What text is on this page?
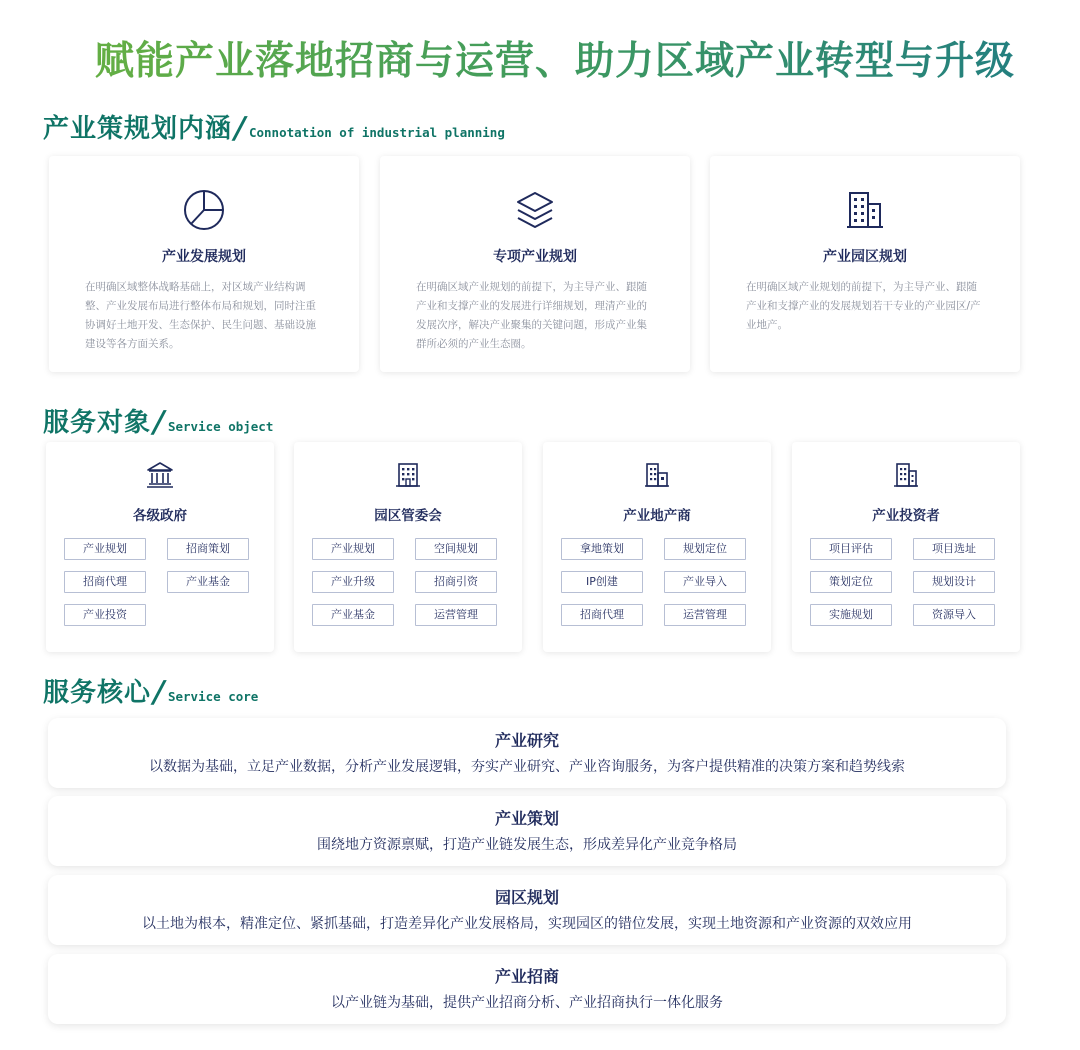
赋能产业落地招商与运营、助力区域产业转型与升级
产业策规划内涵
/ Connotation of industrial planning
产业发展规划
在明确区域整体战略基础上，对区域产业结构调整、产业发展布局进行整体布局和规划，同时注重协调好土地开发、生态保护、民生问题、基础设施建设等各方面关系。
专项产业规划
在明确区域产业规划的前提下，为主导产业、跟随产业和支撑产业的发展进行详细规划，理清产业的发展次序，解决产业聚集的关键问题，形成产业集群所必须的产业生态圈。
产业园区规划
在明确区域产业规划的前提下，为主导产业、跟随产业和支撑产业的发展规划若干专业的产业园区/产业地产。
服务对象
/ Service object
各级政府
产业规划	招商策划
招商代理	产业基金
产业投资
园区管委会
产业规划	空间规划
产业升级	招商引资
产业基金	运营管理
产业地产商
拿地策划	规划定位
IP创建	产业导入
招商代理	运营管理
产业投资者
项目评估	项目选址
策划定位	规划设计
实施规划	资源导入
服务核心
/ Service core
产业研究
以数据为基础，立足产业数据，分析产业发展逻辑，夯实产业研究、产业咨询服务，为客户提供精准的决策方案和趋势线索
产业策划
围绕地方资源禀赋，打造产业链发展生态，形成差异化产业竞争格局
园区规划
以土地为根本，精准定位、紧抓基础，打造差异化产业发展格局，实现园区的错位发展，实现土地资源和产业资源的双效应用
产业招商
以产业链为基础，提供产业招商分析、产业招商执行一体化服务
